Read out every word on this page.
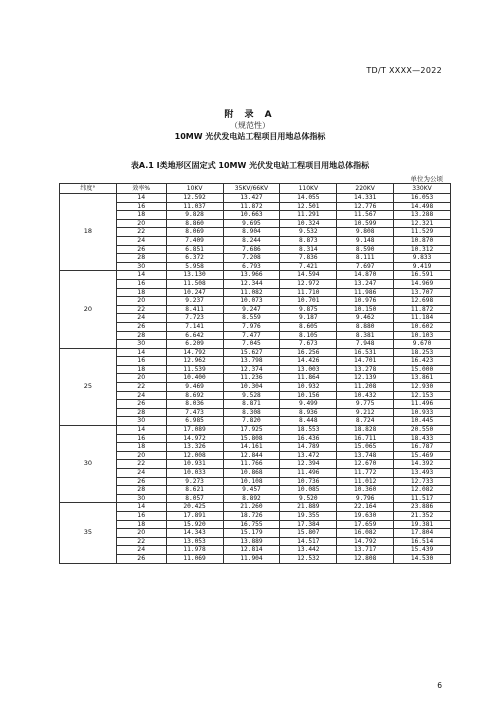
TD/T XXXX—2022
附 录 A
（规范性）
10MW 光伏发电站工程项目用地总体指标
表A.1 Ⅰ类地形区固定式 10MW 光伏发电站工程项目用地总体指标
单位为公顷
纬度°	效率%	10KV	35KV/66KV	110KV	220KV	330KV
18	14	12.592	13.427	14.055	14.331	16.053
	16	11.037	11.872	12.501	12.776	14.498
	18	9.828	10.663	11.291	11.567	13.288
	20	8.860	9.695	10.324	10.599	12.321
	22	8.069	8.904	9.532	9.808	11.529
	24	7.409	8.244	8.873	9.148	10.870
	26	6.851	7.686	8.314	8.590	10.312
	28	6.372	7.208	7.836	8.111	9.833
	30	5.958	6.793	7.421	7.697	9.419
20	14	13.130	13.966	14.594	14.870	16.591
	16	11.508	12.344	12.972	13.247	14.969
	18	10.247	11.082	11.710	11.986	13.707
	20	9.237	10.073	10.701	10.976	12.698
	22	8.411	9.247	9.875	10.150	11.872
	24	7.723	8.559	9.187	9.462	11.184
	26	7.141	7.976	8.605	8.880	10.602
	28	6.642	7.477	8.105	8.381	10.103
	30	6.209	7.045	7.673	7.948	9.670
25	14	14.792	15.627	16.256	16.531	18.253
	16	12.962	13.798	14.426	14.701	16.423
	18	11.539	12.374	13.003	13.278	15.000
	20	10.400	11.236	11.864	12.139	13.861
	22	9.469	10.304	10.932	11.208	12.930
	24	8.692	9.528	10.156	10.432	12.153
	26	8.036	8.871	9.499	9.775	11.496
	28	7.473	8.308	8.936	9.212	10.933
	30	6.985	7.820	8.448	8.724	10.445
30	14	17.089	17.925	18.553	18.828	20.550
	16	14.972	15.808	16.436	16.711	18.433
	18	13.326	14.161	14.789	15.065	16.787
	20	12.008	12.844	13.472	13.748	15.469
	22	10.931	11.766	12.394	12.670	14.392
	24	10.033	10.868	11.496	11.772	13.493
	26	9.273	10.108	10.736	11.012	12.733
	28	8.621	9.457	10.085	10.360	12.082
	30	8.057	8.892	9.520	9.796	11.517
35	14	20.425	21.260	21.889	22.164	23.886
	16	17.891	18.726	19.355	19.630	21.352
	18	15.920	16.755	17.384	17.659	19.381
	20	14.343	15.179	15.807	16.082	17.804
	22	13.053	13.889	14.517	14.792	16.514
	24	11.978	12.814	13.442	13.717	15.439
	26	11.069	11.904	12.532	12.808	14.530
6
